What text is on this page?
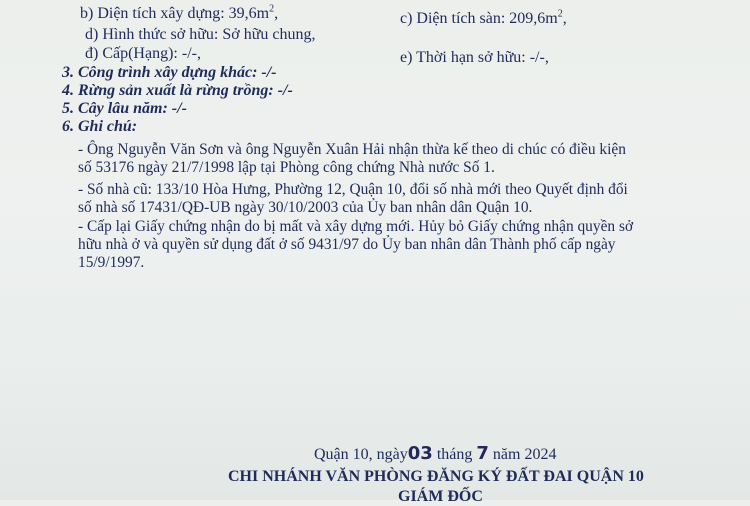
b) Diện tích xây dựng: $39,6m^2$,	c) Diện tích sàn: $209,6m^2$,
d) Hình thức sở hữu: Sở hữu chung,
đ) Cấp(Hạng): -/-,	e) Thời hạn sở hữu: -/-,
3. Công trình xây dựng khác: -/-
4. Rừng sản xuất là rừng trồng: -/-
5. Cây lâu năm: -/-
6. Ghi chú:
- Ông Nguyễn Văn Sơn và ông Nguyễn Xuân Hải nhận thừa kế theo di chúc có điều kiện
số 53176 ngày 21/7/1998 lập tại Phòng công chứng Nhà nước Số 1.
- Số nhà cũ: 133/10 Hòa Hưng, Phường 12, Quận 10, đổi số nhà mới theo Quyết định đổi
số nhà số 17431/QĐ-UB ngày 30/10/2003 của Ủy ban nhân dân Quận 10.
- Cấp lại Giấy chứng nhận do bị mất và xây dựng mới. Hủy bỏ Giấy chứng nhận quyền sở
hữu nhà ở và quyền sử dụng đất ở số 9431/97 do Ủy ban nhân dân Thành phố cấp ngày
15/9/1997.
Quận 10, ngày03 tháng 7 năm 2024
CHI NHÁNH VĂN PHÒNG ĐĂNG KÝ ĐẤT ĐAI QUẬN 10
GIÁM ĐỐC
